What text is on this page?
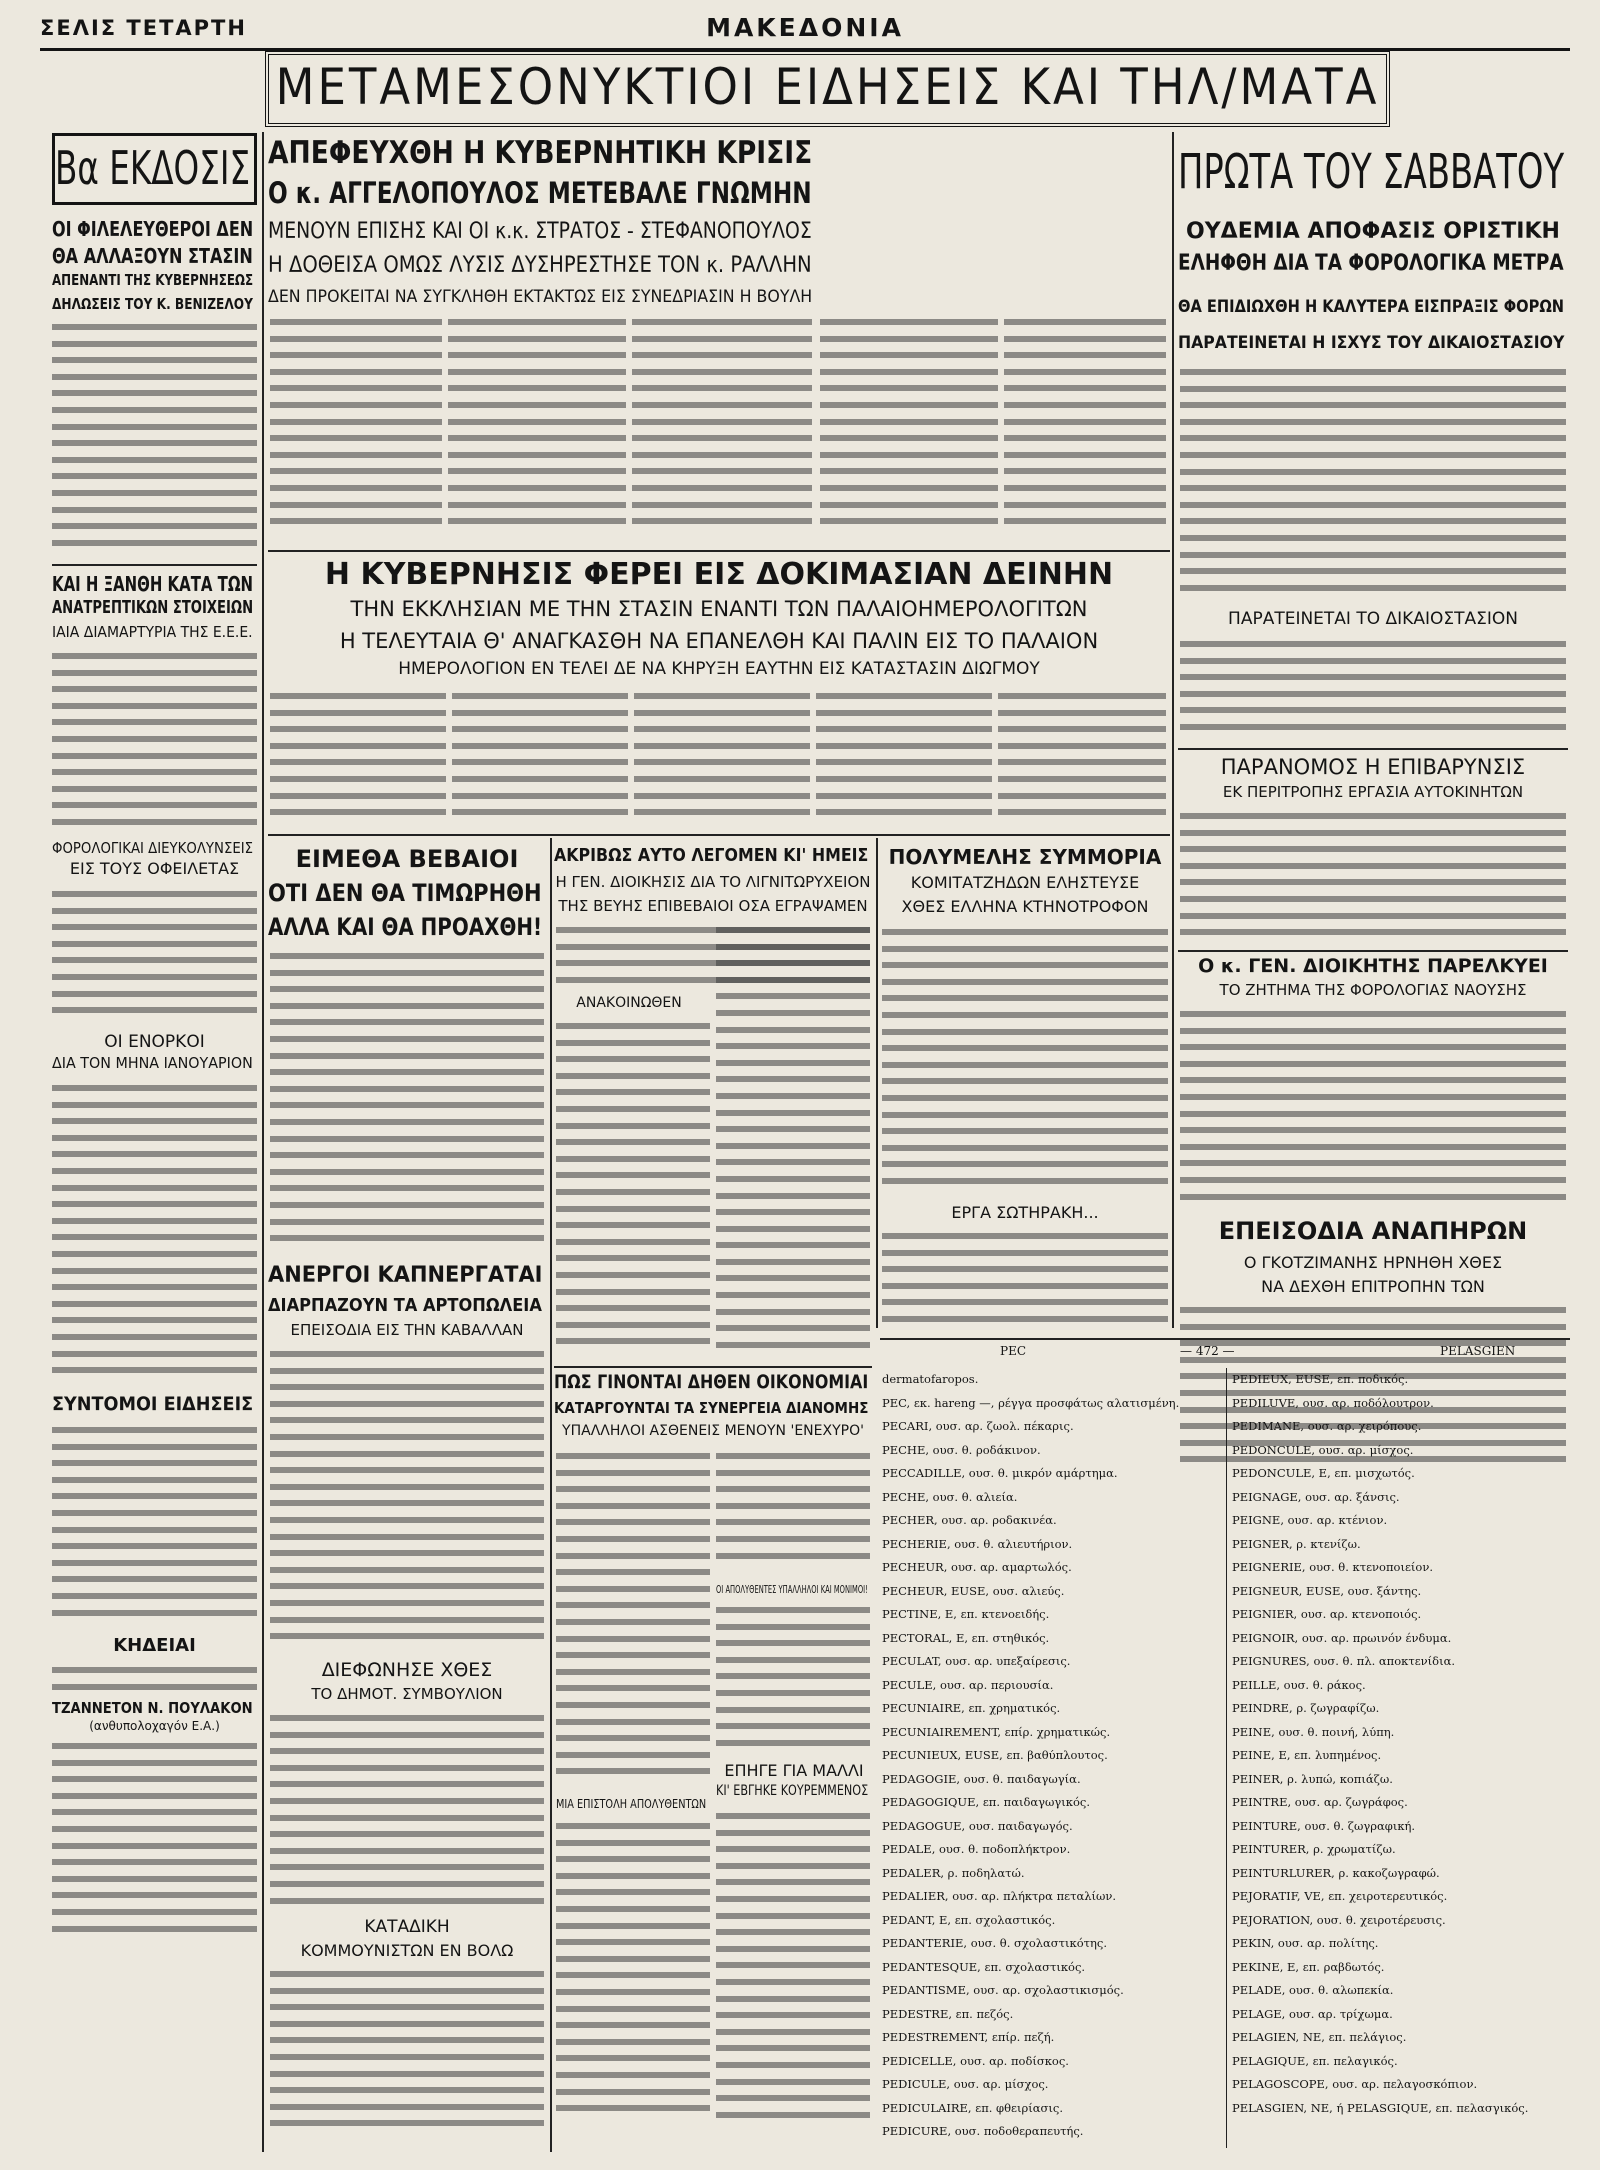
ΣΕΛΙΣ ΤΕΤΑΡΤΗ	ΜΑΚΕΔΟΝΙΑ
ΜΕΤΑΜΕΣΟΝΥΚΤΙΟΙ ΕΙΔΗΣΕΙΣ ΚΑΙ ΤΗΛ/ΜΑΤΑ
Βα ΕΚΔΟΣΙΣ
ΟΙ ΦΙΛΕΛΕΥΘΕΡΟΙ ΔΕΝ
ΘΑ ΑΛΛΑΞΟΥΝ ΣΤΑΣΙΝ
ΑΠΕΝΑΝΤΙ ΤΗΣ ΚΥΒΕΡΝΗΣΕΩΣ
ΔΗΛΩΣΕΙΣ ΤΟΥ Κ. ΒΕΝΙΖΕΛΟΥ
ΚΑΙ Η ΞΑΝΘΗ ΚΑΤΑ ΤΩΝ
ΑΝΑΤΡΕΠΤΙΚΩΝ ΣΤΟΙΧΕΙΩΝ
ΙΑΙΑ ΔΙΑΜΑΡΤΥΡΙΑ ΤΗΣ Ε.Ε.Ε.
ΦΟΡΟΛΟΓΙΚΑΙ ΔΙΕΥΚΟΛΥΝΣΕΙΣ
ΕΙΣ ΤΟΥΣ ΟΦΕΙΛΕΤΑΣ
ΟΙ ΕΝΟΡΚΟΙ
ΔΙΑ ΤΟΝ ΜΗΝΑ ΙΑΝΟΥΑΡΙΟΝ
ΣΥΝΤΟΜΟΙ ΕΙΔΗΣΕΙΣ
ΚΗΔΕΙΑΙ
ΤΖΑΝΝΕΤΟΝ Ν. ΠΟΥΛΑΚΟΝ
(ανθυπολοχαγόν Ε.Α.)
ΑΠΕΦΕΥΧΘΗ Η ΚΥΒΕΡΝΗΤΙΚΗ ΚΡΙΣΙΣ
Ο κ. ΑΓΓΕΛΟΠΟΥΛΟΣ ΜΕΤΕΒΑΛΕ ΓΝΩΜΗΝ
ΜΕΝΟΥΝ ΕΠΙΣΗΣ ΚΑΙ ΟΙ κ.κ. ΣΤΡΑΤΟΣ - ΣΤΕΦΑΝΟΠΟΥΛΟΣ
Η ΔΟΘΕΙΣΑ ΟΜΩΣ ΛΥΣΙΣ ΔΥΣΗΡΕΣΤΗΣΕ ΤΟΝ κ. ΡΑΛΛΗΝ
ΔΕΝ ΠΡΟΚΕΙΤΑΙ ΝΑ ΣΥΓΚΛΗΘΗ ΕΚΤΑΚΤΩΣ ΕΙΣ ΣΥΝΕΔΡΙΑΣΙΝ Η ΒΟΥΛΗ
ΠΡΩΤΑ ΤΟΥ ΣΑΒΒΑΤΟΥ
ΟΥΔΕΜΙΑ ΑΠΟΦΑΣΙΣ ΟΡΙΣΤΙΚΗ
ΕΛΗΦΘΗ ΔΙΑ ΤΑ ΦΟΡΟΛΟΓΙΚΑ ΜΕΤΡΑ
ΘΑ ΕΠΙΔΙΩΧΘΗ Η ΚΑΛΥΤΕΡΑ ΕΙΣΠΡΑΞΙΣ ΦΟΡΩΝ
ΠΑΡΑΤΕΙΝΕΤΑΙ Η ΙΣΧΥΣ ΤΟΥ ΔΙΚΑΙΟΣΤΑΣΙΟΥ
ΠΑΡΑΤΕΙΝΕΤΑΙ ΤΟ ΔΙΚΑΙΟΣΤΑΣΙΟΝ
ΠΑΡΑΝΟΜΟΣ Η ΕΠΙΒΑΡΥΝΣΙΣ
ΕΚ ΠΕΡΙΤΡΟΠΗΣ ΕΡΓΑΣΙΑ ΑΥΤΟΚΙΝΗΤΩΝ
Ο κ. ΓΕΝ. ΔΙΟΙΚΗΤΗΣ ΠΑΡΕΛΚΥΕΙ
ΤΟ ΖΗΤΗΜΑ ΤΗΣ ΦΟΡΟΛΟΓΙΑΣ ΝΑΟΥΣΗΣ
ΕΠΕΙΣΟΔΙΑ ΑΝΑΠΗΡΩΝ
Ο ΓΚΟΤΖΙΜΑΝΗΣ ΗΡΝΗΘΗ ΧΘΕΣ
ΝΑ ΔΕΧΘΗ ΕΠΙΤΡΟΠΗΝ ΤΩΝ
Η ΚΥΒΕΡΝΗΣΙΣ ΦΕΡΕΙ ΕΙΣ ΔΟΚΙΜΑΣΙΑΝ ΔΕΙΝΗΝ
ΤΗΝ ΕΚΚΛΗΣΙΑΝ ΜΕ ΤΗΝ ΣΤΑΣΙΝ ΕΝΑΝΤΙ ΤΩΝ ΠΑΛΑΙΟΗΜΕΡΟΛΟΓΙΤΩΝ
Η ΤΕΛΕΥΤΑΙΑ Θ' ΑΝΑΓΚΑΣΘΗ ΝΑ ΕΠΑΝΕΛΘΗ ΚΑΙ ΠΑΛΙΝ ΕΙΣ ΤΟ ΠΑΛΑΙΟΝ
ΗΜΕΡΟΛΟΓΙΟΝ ΕΝ ΤΕΛΕΙ ΔΕ ΝΑ ΚΗΡΥΞΗ ΕΑΥΤΗΝ ΕΙΣ ΚΑΤΑΣΤΑΣΙΝ ΔΙΩΓΜΟΥ
ΕΙΜΕΘΑ ΒΕΒΑΙΟΙ
ΟΤΙ ΔΕΝ ΘΑ ΤΙΜΩΡΗΘΗ
ΑΛΛΑ ΚΑΙ ΘΑ ΠΡΟΑΧΘΗ!
ΑΝΕΡΓΟΙ ΚΑΠΝΕΡΓΑΤΑΙ
ΔΙΑΡΠΑΖΟΥΝ ΤΑ ΑΡΤΟΠΩΛΕΙΑ
ΕΠΕΙΣΟΔΙΑ ΕΙΣ ΤΗΝ ΚΑΒΑΛΛΑΝ
ΔΙΕΦΩΝΗΣΕ ΧΘΕΣ
ΤΟ ΔΗΜΟΤ. ΣΥΜΒΟΥΛΙΟΝ
ΚΑΤΑΔΙΚΗ
ΚΟΜΜΟΥΝΙΣΤΩΝ ΕΝ ΒΟΛΩ
ΑΚΡΙΒΩΣ ΑΥΤΟ ΛΕΓΟΜΕΝ ΚΙ' ΗΜΕΙΣ
Η ΓΕΝ. ΔΙΟΙΚΗΣΙΣ ΔΙΑ ΤΟ ΛΙΓΝΙΤΩΡΥΧΕΙΟΝ
ΤΗΣ ΒΕΥΗΣ ΕΠΙΒΕΒΑΙΟΙ ΟΣΑ ΕΓΡΑΨΑΜΕΝ
ΑΝΑΚΟΙΝΩΘΕΝ
ΠΩΣ ΓΙΝΟΝΤΑΙ ΔΗΘΕΝ ΟΙΚΟΝΟΜΙΑΙ
ΚΑΤΑΡΓΟΥΝΤΑΙ ΤΑ ΣΥΝΕΡΓΕΙΑ ΔΙΑΝΟΜΗΣ
ΥΠΑΛΛΗΛΟΙ ΑΣΘΕΝΕΙΣ ΜΕΝΟΥΝ 'ΕΝΕΧΥΡΟ'
ΟΙ ΑΠΟΛΥΘΕΝΤΕΣ ΥΠΑΛΛΗΛΟΙ ΚΑΙ ΜΟΝΙΜΟΙ!
ΜΙΑ ΕΠΙΣΤΟΛΗ ΑΠΟΛΥΘΕΝΤΩΝ
ΕΠΗΓΕ ΓΙΑ ΜΑΛΛΙ
ΚΙ' ΕΒΓΗΚΕ ΚΟΥΡΕΜΜΕΝΟΣ
ΠΟΛΥΜΕΛΗΣ ΣΥΜΜΟΡΙΑ
ΚΟΜΙΤΑΤΖΗΔΩΝ ΕΛΗΣΤΕΥΣΕ
ΧΘΕΣ ΕΛΛΗΝΑ ΚΤΗΝΟΤΡΟΦΟΝ
ΕΡΓΑ ΣΩΤΗΡΑΚΗ...
PEC	— 472 —	PELASGIEN
dermatofaropos.
PEC, εκ. hareng —, ρέγγα προσφάτως αλατισμένη.
PECARI, ουσ. αρ. ζωολ. πέκαρις.
PECHE, ουσ. θ. ροδάκινον.
PECCADILLE, ουσ. θ. μικρόν αμάρτημα.
PECHE, ουσ. θ. αλιεία.
PECHER, ουσ. αρ. ροδακινέα.
PECHERIE, ουσ. θ. αλιευτήριον.
PECHEUR, ουσ. αρ. αμαρτωλός.
PECHEUR, EUSE, ουσ. αλιεύς.
PECTINE, E, επ. κτενοειδής.
PECTORAL, E, επ. στηθικός.
PECULAT, ουσ. αρ. υπεξαίρεσις.
PECULE, ουσ. αρ. περιουσία.
PECUNIAIRE, επ. χρηματικός.
PECUNIAIREMENT, επίρ. χρηματικώς.
PECUNIEUX, EUSE, επ. βαθύπλουτος.
PEDAGOGIE, ουσ. θ. παιδαγωγία.
PEDAGOGIQUE, επ. παιδαγωγικός.
PEDAGOGUE, ουσ. παιδαγωγός.
PEDALE, ουσ. θ. ποδοπλήκτρον.
PEDALER, ρ. ποδηλατώ.
PEDALIER, ουσ. αρ. πλήκτρα πεταλίων.
PEDANT, E, επ. σχολαστικός.
PEDANTERIE, ουσ. θ. σχολαστικότης.
PEDANTESQUE, επ. σχολαστικός.
PEDANTISME, ουσ. αρ. σχολαστικισμός.
PEDESTRE, επ. πεζός.
PEDESTREMENT, επίρ. πεζή.
PEDICELLE, ουσ. αρ. ποδίσκος.
PEDICULE, ουσ. αρ. μίσχος.
PEDICULAIRE, επ. φθειρίασις.
PEDICURE, ουσ. ποδοθεραπευτής.
PEDIEUX, EUSE, επ. ποδικός.
PEDILUVE, ουσ. αρ. ποδόλουτρον.
PEDIMANE, ουσ. αρ. χειρόπους.
PEDONCULE, ουσ. αρ. μίσχος.
PEDONCULE, E, επ. μισχωτός.
PEIGNAGE, ουσ. αρ. ξάνσις.
PEIGNE, ουσ. αρ. κτένιον.
PEIGNER, ρ. κτενίζω.
PEIGNERIE, ουσ. θ. κτενοποιείον.
PEIGNEUR, EUSE, ουσ. ξάντης.
PEIGNIER, ουσ. αρ. κτενοποιός.
PEIGNOIR, ουσ. αρ. πρωινόν ένδυμα.
PEIGNURES, ουσ. θ. πλ. αποκτενίδια.
PEILLE, ουσ. θ. ράκος.
PEINDRE, ρ. ζωγραφίζω.
PEINE, ουσ. θ. ποινή, λύπη.
PEINE, E, επ. λυπημένος.
PEINER, ρ. λυπώ, κοπιάζω.
PEINTRE, ουσ. αρ. ζωγράφος.
PEINTURE, ουσ. θ. ζωγραφική.
PEINTURER, ρ. χρωματίζω.
PEINTURLURER, ρ. κακοζωγραφώ.
PEJORATIF, VE, επ. χειροτερευτικός.
PEJORATION, ουσ. θ. χειροτέρευσις.
PEKIN, ουσ. αρ. πολίτης.
PEKINE, E, επ. ραβδωτός.
PELADE, ουσ. θ. αλωπεκία.
PELAGE, ουσ. αρ. τρίχωμα.
PELAGIEN, NE, επ. πελάγιος.
PELAGIQUE, επ. πελαγικός.
PELAGOSCOPE, ουσ. αρ. πελαγοσκόπιον.
PELASGIEN, NE, ή PELASGIQUE, επ. πελασγικός.
